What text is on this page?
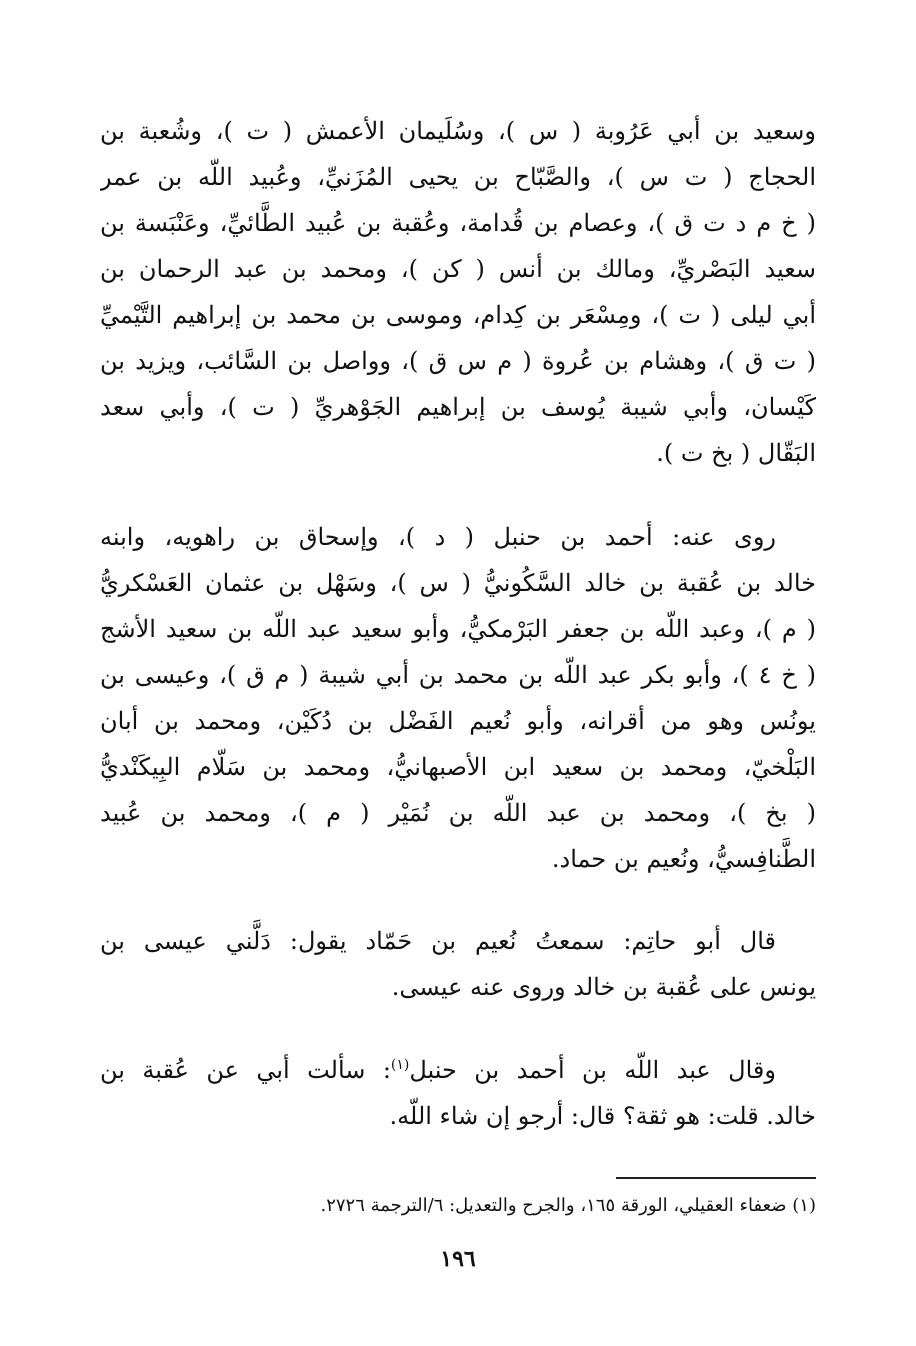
وسعيد بن أبي عَرُوبة ( س )، وسُلَيمان الأعمش ( ت )، وشُعبة بن
الحجاج ( ت س )، والصَّبّاح بن يحيى المُزَنيِّ، وعُبيد اللّه بن عمر
( خ م د ت ق )، وعصام بن قُدامة، وعُقبة بن عُبيد الطَّائيِّ، وعَنْبَسة بن
سعيد البَصْريِّ، ومالك بن أنس ( كن )، ومحمد بن عبد الرحمان بن
أبي ليلى ( ت )، ومِسْعَر بن كِدام، وموسى بن محمد بن إبراهيم التَّيْميِّ
( ت ق )، وهشام بن عُروة ( م س ق )، وواصل بن السَّائب، ويزيد بن
كَيْسان، وأبي شيبة يُوسف بن إبراهيم الجَوْهريِّ ( ت )، وأبي سعد
البَقّال ( بخ ت ).
روى عنه: أحمد بن حنبل ( د )، وإسحاق بن راهويه، وابنه
خالد بن عُقبة بن خالد السَّكُونيُّ ( س )، وسَهْل بن عثمان العَسْكريُّ
( م )، وعبد اللّه بن جعفر البَرْمكيُّ، وأبو سعيد عبد اللّه بن سعيد الأشج
( خ ٤ )، وأبو بكر عبد اللّه بن محمد بن أبي شيبة ( م ق )، وعيسى بن
يونُس وهو من أقرانه، وأبو نُعيم الفَضْل بن دُكَيْن، ومحمد بن أبان
البَلْخيّ، ومحمد بن سعيد ابن الأصبهانيُّ، ومحمد بن سَلّام البِيكَنْديُّ
( بخ )، ومحمد بن عبد اللّه بن نُمَيْر ( م )، ومحمد بن عُبيد
الطَّنافِسيُّ، ونُعيم بن حماد.
قال أبو حاتِم: سمعتُ نُعيم بن حَمّاد يقول: دَلَّني عيسى بن
يونس على عُقبة بن خالد وروى عنه عيسى.
وقال عبد اللّه بن أحمد بن حنبل$^{(١)}$: سألت أبي عن عُقبة بن
خالد. قلت: هو ثقة؟ قال: أرجو إن شاء اللّه.
(١) ضعفاء العقيلي، الورقة ١٦٥، والجرح والتعديل: ٦/الترجمة ٢٧٢٦.
١٩٦
